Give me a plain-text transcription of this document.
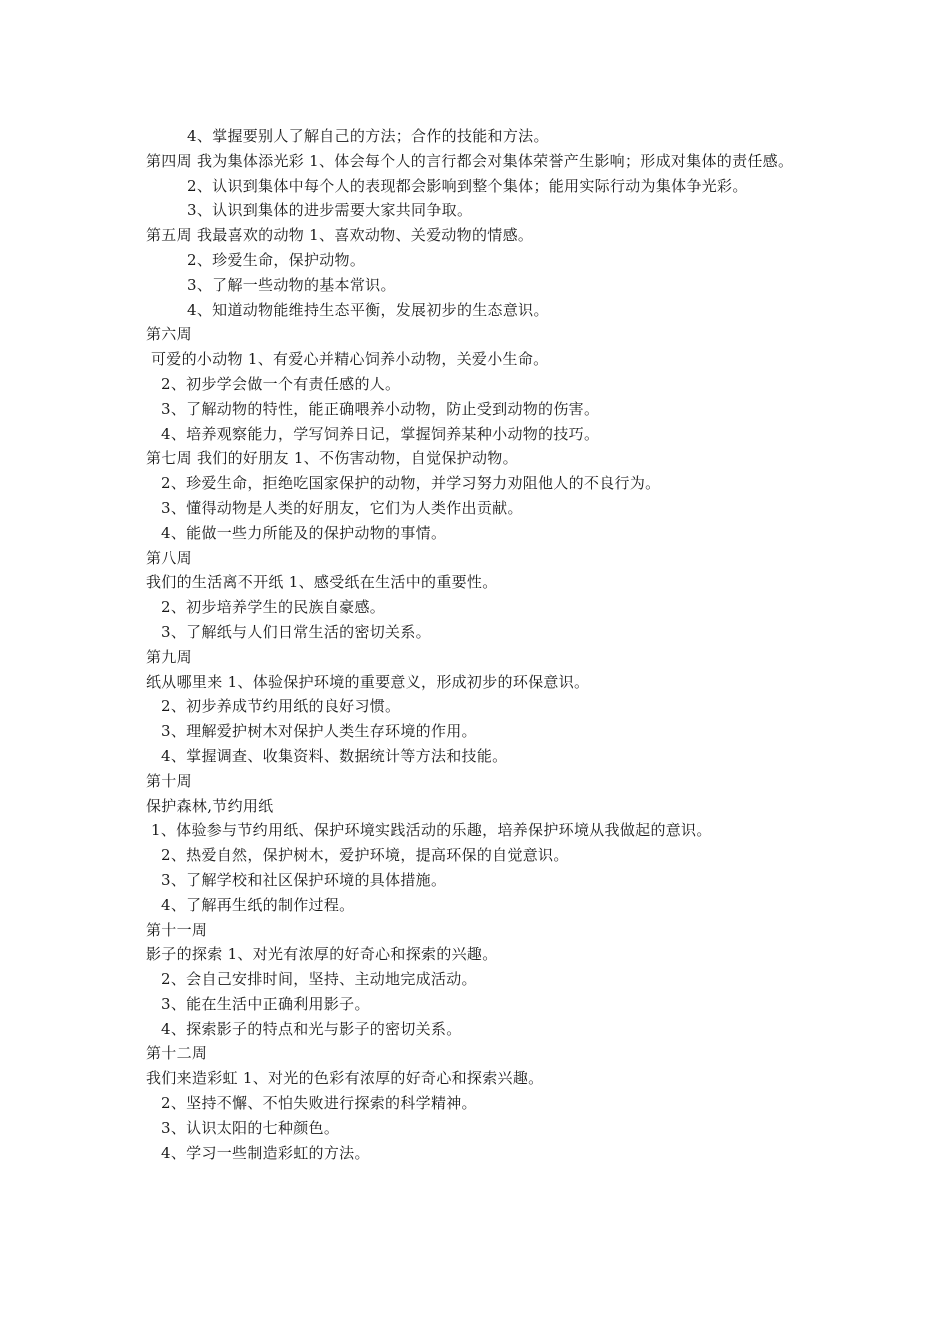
4、掌握要别人了解自己的方法；合作的技能和方法。
第四周 我为集体添光彩 1、体会每个人的言行都会对集体荣誉产生影响；形成对集体的责任感。
2、认识到集体中每个人的表现都会影响到整个集体；能用实际行动为集体争光彩。
3、认识到集体的进步需要大家共同争取。
第五周 我最喜欢的动物 1、喜欢动物、关爱动物的情感。
2、珍爱生命，保护动物。
3、了解一些动物的基本常识。
4、知道动物能维持生态平衡，发展初步的生态意识。
第六周
可爱的小动物 1、有爱心并精心饲养小动物，关爱小生命。
2、初步学会做一个有责任感的人。
3、了解动物的特性，能正确喂养小动物，防止受到动物的伤害。
4、培养观察能力，学写饲养日记，掌握饲养某种小动物的技巧。
第七周 我们的好朋友 1、不伤害动物，自觉保护动物。
2、珍爱生命，拒绝吃国家保护的动物，并学习努力劝阻他人的不良行为。
3、懂得动物是人类的好朋友，它们为人类作出贡献。
4、能做一些力所能及的保护动物的事情。
第八周
我们的生活离不开纸 1、感受纸在生活中的重要性。
2、初步培养学生的民族自豪感。
3、了解纸与人们日常生活的密切关系。
第九周
纸从哪里来 1、体验保护环境的重要意义，形成初步的环保意识。
2、初步养成节约用纸的良好习惯。
3、理解爱护树木对保护人类生存环境的作用。
4、掌握调查、收集资料、数据统计等方法和技能。
第十周
保护森林,节约用纸
1、体验参与节约用纸、保护环境实践活动的乐趣，培养保护环境从我做起的意识。
2、热爱自然，保护树木，爱护环境，提高环保的自觉意识。
3、了解学校和社区保护环境的具体措施。
4、了解再生纸的制作过程。
第十一周
影子的探索 1、对光有浓厚的好奇心和探索的兴趣。
2、会自己安排时间，坚持、主动地完成活动。
3、能在生活中正确利用影子。
4、探索影子的特点和光与影子的密切关系。
第十二周
我们来造彩虹 1、对光的色彩有浓厚的好奇心和探索兴趣。
2、坚持不懈、不怕失败进行探索的科学精神。
3、认识太阳的七种颜色。
4、学习一些制造彩虹的方法。
